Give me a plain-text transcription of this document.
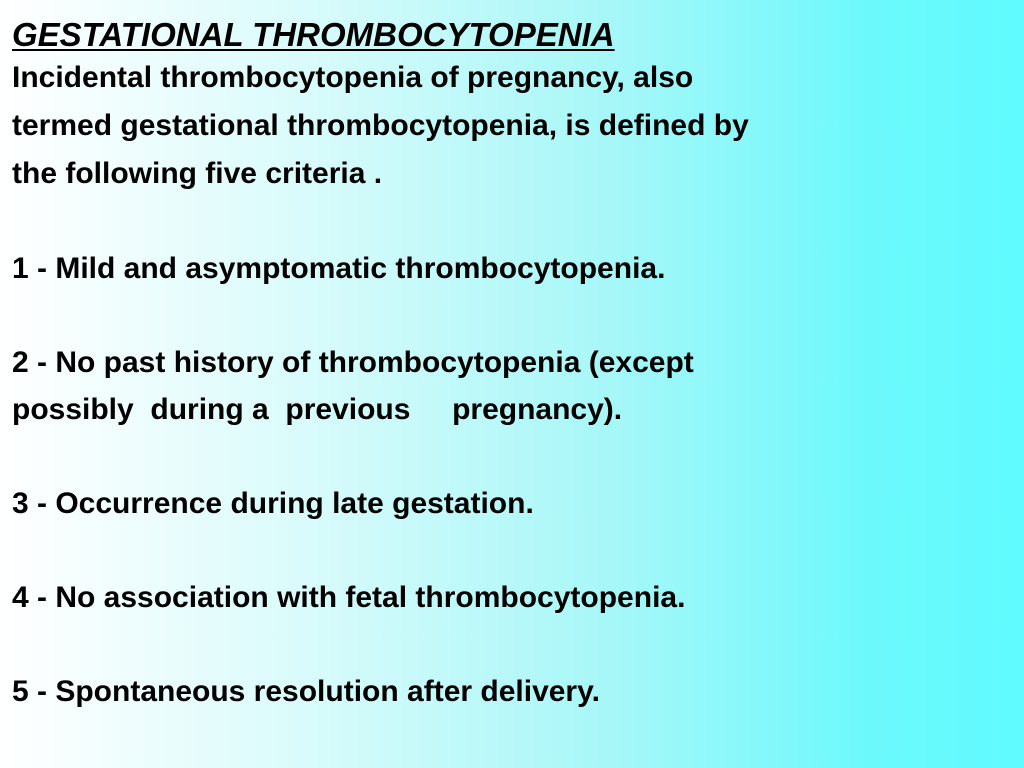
GESTATIONAL THROMBOCYTOPENIA

Incidental thrombocytopenia of pregnancy, also
termed gestational thrombocytopenia, is defined by
the following five criteria .

1 - Mild and asymptomatic thrombocytopenia.
2 - No past history of thrombocytopenia (except
possibly  during a  previous     pregnancy).
3 - Occurrence during late gestation.
4 - No association with fetal thrombocytopenia.
5 - Spontaneous resolution after delivery.
